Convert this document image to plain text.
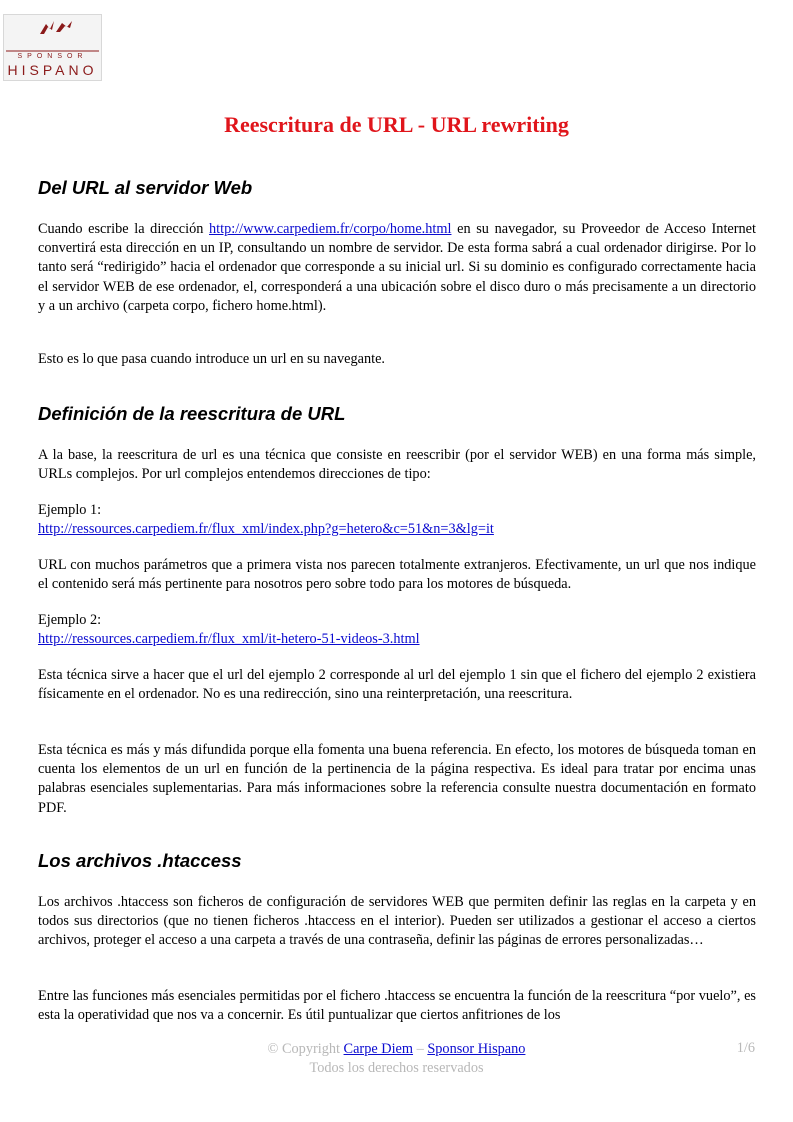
SPONSOR
HISPANO
Reescritura de URL - URL rewriting
Del URL al servidor Web

Cuando escribe la dirección http://www.carpediem.fr/corpo/home.html en su navegador, su Proveedor de Acceso Internet convertirá esta dirección en un IP, consultando un nombre de servidor. De esta forma sabrá a cual ordenador dirigirse. Por lo tanto será “redirigido” hacia el ordenador que corresponde a su inicial url. Si su dominio es configurado correctamente hacia el servidor WEB de ese ordenador, el, corresponderá a una ubicación sobre el disco duro o más precisamente a un directorio y a un archivo (carpeta corpo, fichero home.html).

Esto es lo que pasa cuando introduce un url en su navegante.

Definición de la reescritura de URL

A la base, la reescritura de url es una técnica que consiste en reescribir (por el servidor WEB) en una forma más simple, URLs complejos. Por url complejos entendemos direcciones de tipo:

Ejemplo 1:
http://ressources.carpediem.fr/flux_xml/index.php?g=hetero&c=51&n=3&lg=it

URL con muchos parámetros que a primera vista nos parecen totalmente extranjeros. Efectivamente, un url que nos indique el contenido será más pertinente para nosotros pero sobre todo para los motores de búsqueda.

Ejemplo 2:
http://ressources.carpediem.fr/flux_xml/it-hetero-51-videos-3.html

Esta técnica sirve a hacer que el url del ejemplo 2 corresponde al url del ejemplo 1 sin que el fichero del ejemplo 2 existiera físicamente en el ordenador. No es una redirección, sino una reinterpretación, una reescritura.

Esta técnica es más y más difundida porque ella fomenta una buena referencia. En efecto, los motores de búsqueda toman en cuenta los elementos de un url en función de la pertinencia de la página respectiva. Es ideal para tratar por encima unas palabras esenciales suplementarias. Para más informaciones sobre la referencia consulte nuestra documentación en formato PDF.

Los archivos .htaccess

Los archivos .htaccess son ficheros de configuración de servidores WEB que permiten definir las reglas en la carpeta y en todos sus directorios (que no tienen ficheros .htaccess en el interior). Pueden ser utilizados a gestionar el acceso a ciertos archivos, proteger el acceso a una carpeta a través de una contraseña, definir las páginas de errores personalizadas…

Entre las funciones más esenciales permitidas por el fichero .htaccess se encuentra la función de la reescritura “por vuelo”, es esta la operatividad que nos va a concernir. Es útil puntualizar que ciertos anfitriones de los

© Copyright Carpe Diem – Sponsor Hispano
Todos los derechos reservados
1/6
